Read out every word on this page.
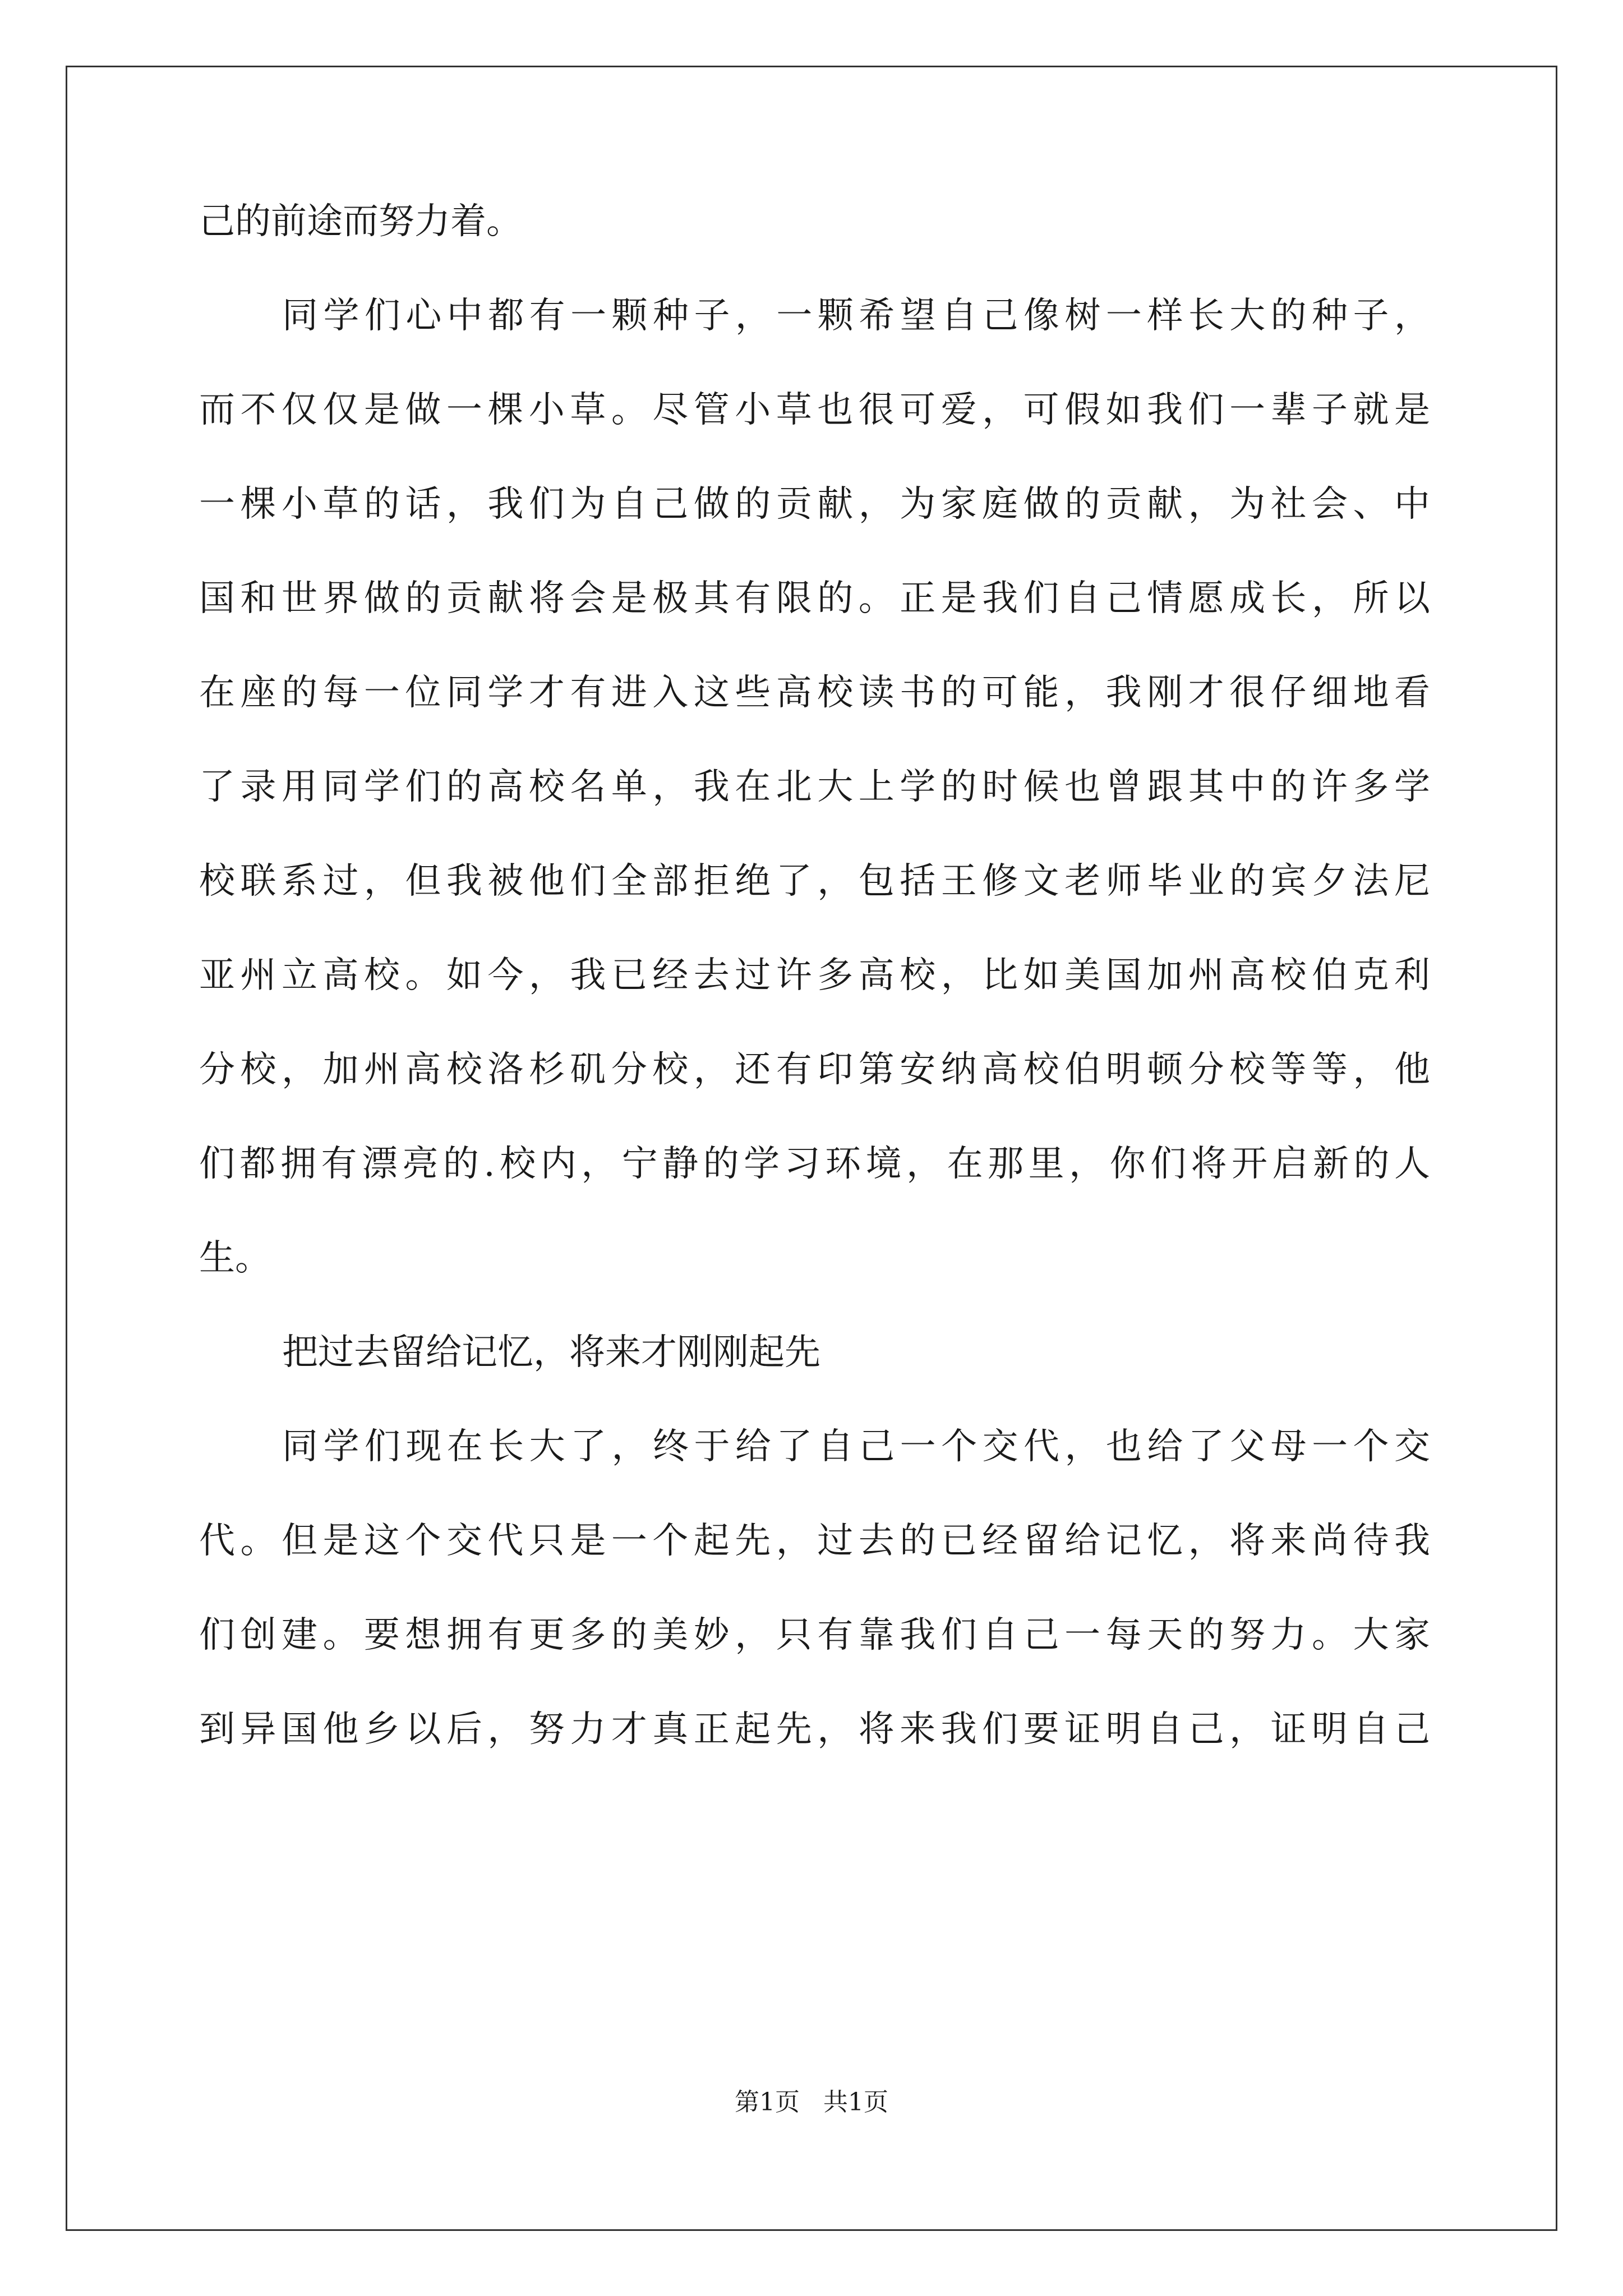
己的前途而努力着。
同学们心中都有一颗种子，一颗希望自己像树一样长大的种子，
而不仅仅是做一棵小草。尽管小草也很可爱，可假如我们一辈子就是
一棵小草的话，我们为自己做的贡献，为家庭做的贡献，为社会、中
国和世界做的贡献将会是极其有限的。正是我们自己情愿成长，所以
在座的每一位同学才有进入这些高校读书的可能，我刚才很仔细地看
了录用同学们的高校名单，我在北大上学的时候也曾跟其中的许多学
校联系过，但我被他们全部拒绝了，包括王修文老师毕业的宾夕法尼
亚州立高校。如今，我已经去过许多高校，比如美国加州高校伯克利
分校，加州高校洛杉矶分校，还有印第安纳高校伯明顿分校等等，他
们都拥有漂亮的.校内，宁静的学习环境，在那里，你们将开启新的人
生。
把过去留给记忆，将来才刚刚起先
同学们现在长大了，终于给了自己一个交代，也给了父母一个交
代。但是这个交代只是一个起先，过去的已经留给记忆，将来尚待我
们创建。要想拥有更多的美妙，只有靠我们自己一每天的努力。大家
到异国他乡以后，努力才真正起先，将来我们要证明自己，证明自己
第1页 共1页
